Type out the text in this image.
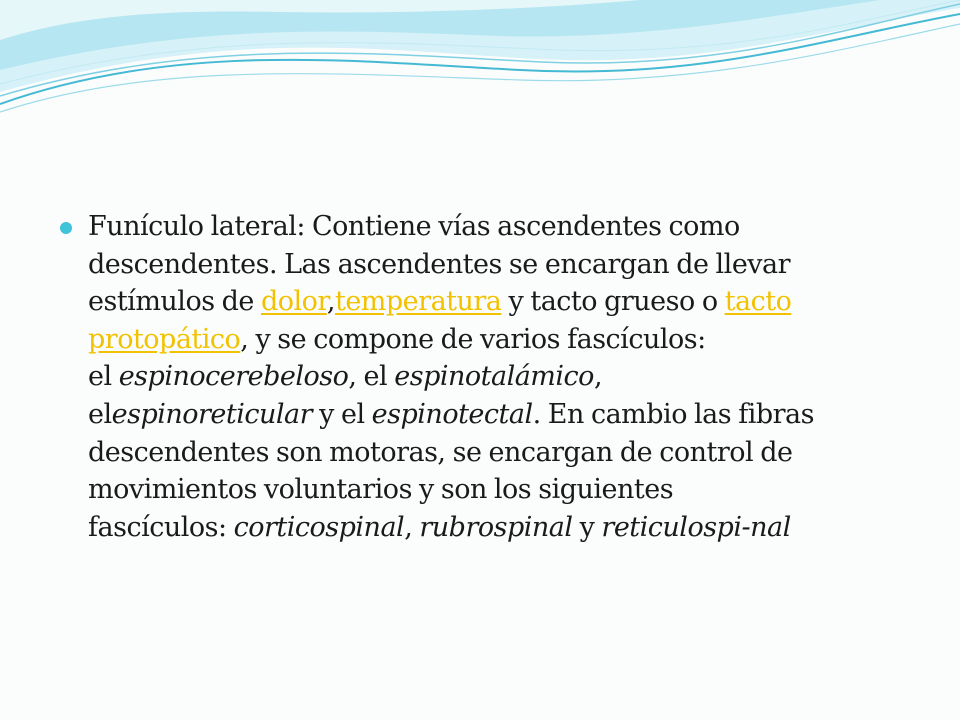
Funículo lateral: Contiene vías ascendentes como
descendentes. Las ascendentes se encargan de llevar
estímulos de dolor,temperatura y tacto grueso o tacto
protopático, y se compone de varios fascículos:
el espinocerebeloso, el espinotalámico,
elespinoreticular y el espinotectal. En cambio las fibras
descendentes son motoras, se encargan de control de
movimientos voluntarios y son los siguientes
fascículos: corticospinal, rubrospinal y reticulospi-nal
